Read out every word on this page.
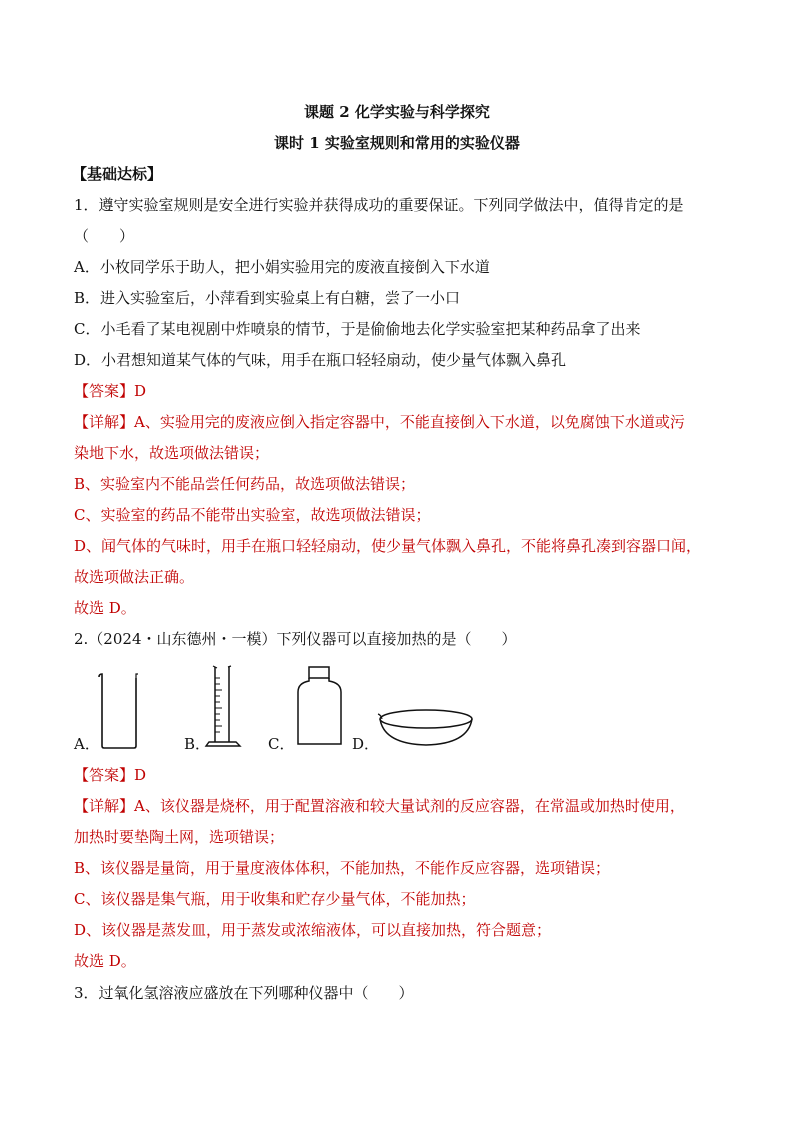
课题 2 化学实验与科学探究
课时 1 实验室规则和常用的实验仪器
【基础达标】
1．遵守实验室规则是安全进行实验并获得成功的重要保证。下列同学做法中，值得肯定的是
（　　）
A．小枚同学乐于助人，把小娟实验用完的废液直接倒入下水道
B．进入实验室后，小萍看到实验桌上有白糖，尝了一小口
C．小毛看了某电视剧中炸喷泉的情节，于是偷偷地去化学实验室把某种药品拿了出来
D．小君想知道某气体的气味，用手在瓶口轻轻扇动，使少量气体飘入鼻孔
【答案】D
【详解】A、实验用完的废液应倒入指定容器中，不能直接倒入下水道，以免腐蚀下水道或污
染地下水，故选项做法错误；
B、实验室内不能品尝任何药品，故选项做法错误；
C、实验室的药品不能带出实验室，故选项做法错误；
D、闻气体的气味时，用手在瓶口轻轻扇动，使少量气体飘入鼻孔，不能将鼻孔凑到容器口闻，
故选项做法正确。
故选 D。
2.（2024・山东德州・一模）下列仪器可以直接加热的是（　　）
A．	B．	C．	D．
【答案】D
【详解】A、该仪器是烧杯，用于配置溶液和较大量试剂的反应容器，在常温或加热时使用，
加热时要垫陶土网，选项错误；
B、该仪器是量筒，用于量度液体体积，不能加热，不能作反应容器，选项错误；
C、该仪器是集气瓶，用于收集和贮存少量气体，不能加热；
D、该仪器是蒸发皿，用于蒸发或浓缩液体，可以直接加热，符合题意；
故选 D。
3．过氧化氢溶液应盛放在下列哪种仪器中（　　）
